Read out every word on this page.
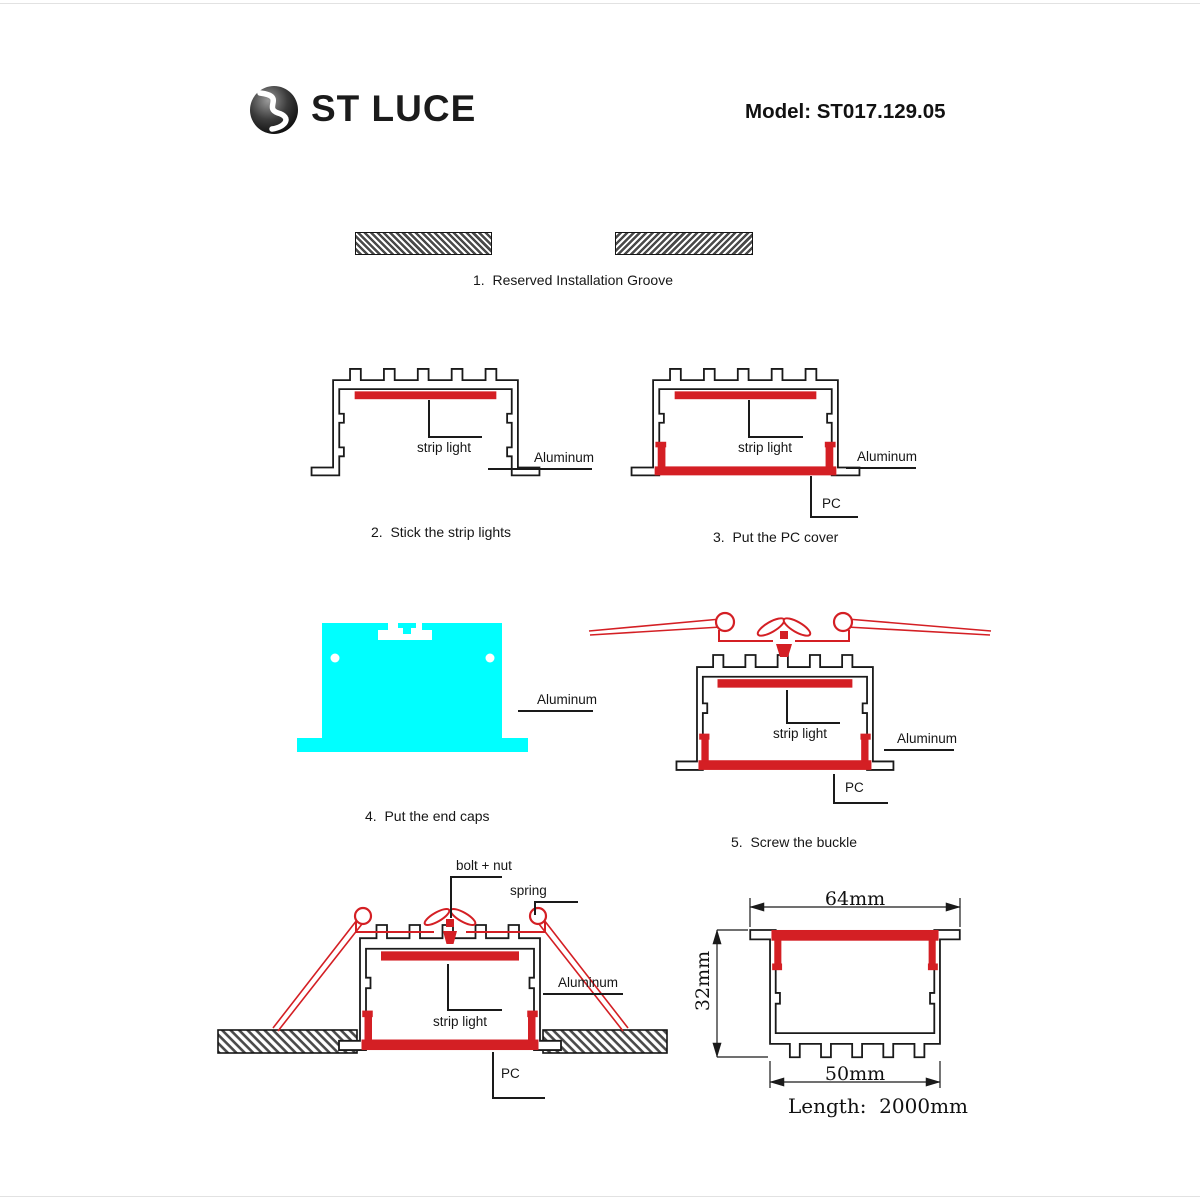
ST LUCE	Model: ST017.129.05
1.  Reserved Installation Groove
strip light
Aluminum
2.  Stick the strip lights
strip light
Aluminum
PC
3.  Put the PC cover
Aluminum
4.  Put the end caps
strip light	Aluminum
PC
5.  Screw the buckle
bolt + nut
spring
Aluminum
strip light
PC
64mm
32mm
50mm
Length:  2000mm
